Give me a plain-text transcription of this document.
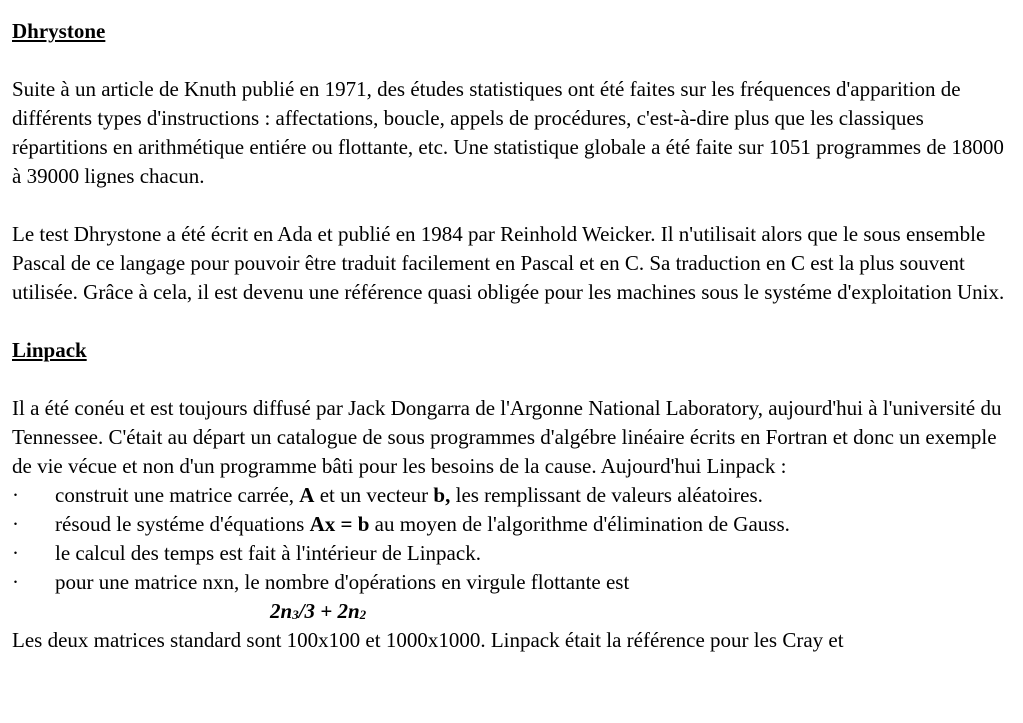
Dhrystone

Suite à un article de Knuth publié en 1971, des études statistiques ont été faites sur les fréquences d'apparition de différents types d'instructions : affectations, boucle, appels de procédures, c'est-à-dire plus que les classiques répartitions en arithmétique entiére ou flottante, etc. Une statistique globale a été faite sur 1051 programmes de 18000 à 39000 lignes chacun.

Le test Dhrystone a été écrit en Ada et publié en 1984 par Reinhold Weicker. Il n'utilisait alors que le sous ensemble Pascal de ce langage pour pouvoir être traduit facilement en Pascal et en C. Sa traduction en C est la plus souvent utilisée. Grâce à cela, il est devenu une référence quasi obligée pour les machines sous le systéme d'exploitation Unix.

Linpack

Il a été conéu et est toujours diffusé par Jack Dongarra de l'Argonne National Laboratory, aujourd'hui à l'université du Tennessee. C'était au départ un catalogue de sous programmes d'algébre linéaire écrits en Fortran et donc un exemple de vie vécue et non d'un programme bâti pour les besoins de la cause. Aujourd'hui Linpack :

· construit une matrice carrée, A et un vecteur b, les remplissant de valeurs aléatoires.
· résoud le systéme d'équations Ax = b au moyen de l'algorithme d'élimination de Gauss.
· le calcul des temps est fait à l'intérieur de Linpack.
· pour une matrice nxn, le nombre d'opérations en virgule flottante est
$2n^3/3 + 2n^2$

Les deux matrices standard sont 100x100 et 1000x1000. Linpack était la référence pour les Cray et
